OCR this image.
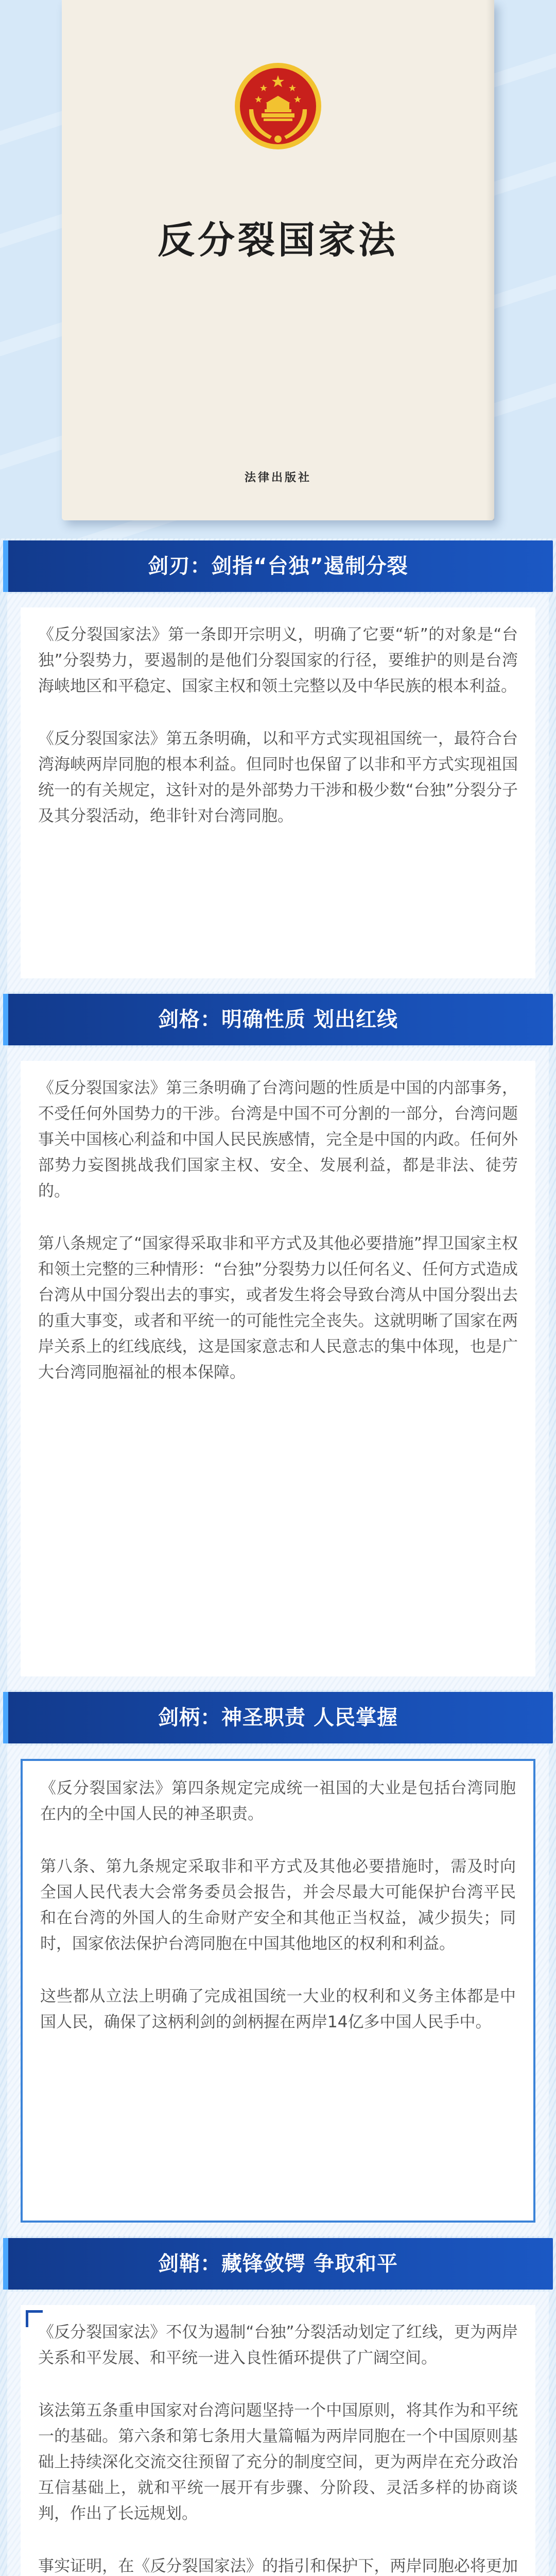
反分裂国家法
法律出版社
剑刃：剑指“台独”遏制分裂

《反分裂国家法》第一条即开宗明义，明确了它要“斩”的对象是“台独”分裂势力，要遏制的是他们分裂国家的行径，要维护的则是台湾海峡地区和平稳定、国家主权和领土完整以及中华民族的根本利益。

《反分裂国家法》第五条明确，以和平方式实现祖国统一，最符合台湾海峡两岸同胞的根本利益。但同时也保留了以非和平方式实现祖国统一的有关规定，这针对的是外部势力干涉和极少数“台独”分裂分子及其分裂活动，绝非针对台湾同胞。

剑格：明确性质 划出红线

《反分裂国家法》第三条明确了台湾问题的性质是中国的内部事务，不受任何外国势力的干涉。台湾是中国不可分割的一部分，台湾问题事关中国核心利益和中国人民民族感情，完全是中国的内政。任何外部势力妄图挑战我们国家主权、安全、发展利益，都是非法、徒劳的。

第八条规定了“国家得采取非和平方式及其他必要措施”捍卫国家主权和领土完整的三种情形：“台独”分裂势力以任何名义、任何方式造成台湾从中国分裂出去的事实，或者发生将会导致台湾从中国分裂出去的重大事变，或者和平统一的可能性完全丧失。这就明晰了国家在两岸关系上的红线底线，这是国家意志和人民意志的集中体现，也是广大台湾同胞福祉的根本保障。

剑柄：神圣职责 人民掌握

《反分裂国家法》第四条规定完成统一祖国的大业是包括台湾同胞在内的全中国人民的神圣职责。

第八条、第九条规定采取非和平方式及其他必要措施时，需及时向全国人民代表大会常务委员会报告，并会尽最大可能保护台湾平民和在台湾的外国人的生命财产安全和其他正当权益，减少损失；同时，国家依法保护台湾同胞在中国其他地区的权利和利益。

这些都从立法上明确了完成祖国统一大业的权利和义务主体都是中国人民，确保了这柄利剑的剑柄握在两岸14亿多中国人民手中。

剑鞘：藏锋敛锷 争取和平

《反分裂国家法》不仅为遏制“台独”分裂活动划定了红线，更为两岸关系和平发展、和平统一进入良性循环提供了广阔空间。

该法第五条重申国家对台湾问题坚持一个中国原则，将其作为和平统一的基础。第六条和第七条用大量篇幅为两岸同胞在一个中国原则基础上持续深化交流交往预留了充分的制度空间，更为两岸在充分政治互信基础上，就和平统一展开有步骤、分阶段、灵活多样的协商谈判，作出了长远规划。

事实证明，在《反分裂国家法》的指引和保护下，两岸同胞必将更加
